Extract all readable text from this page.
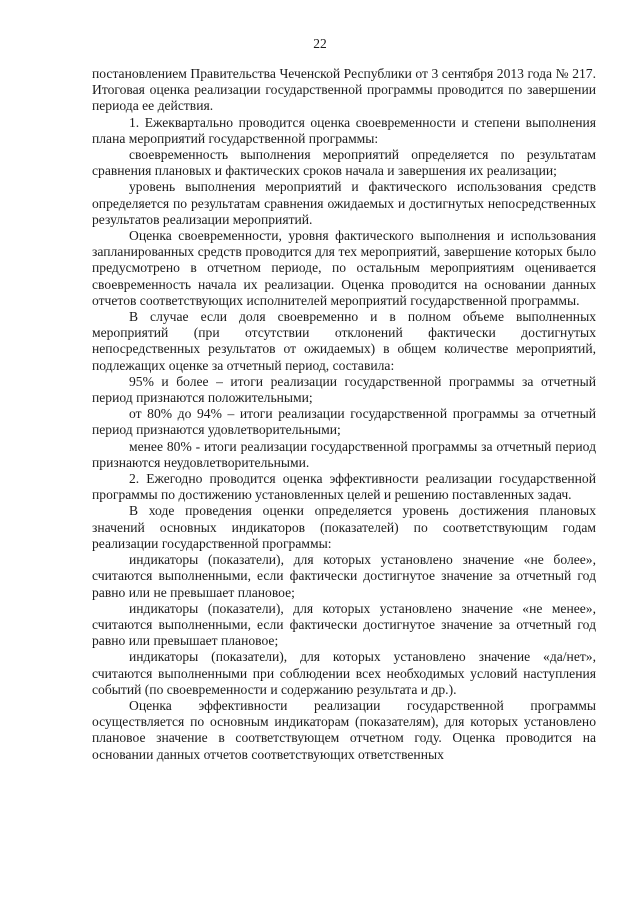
22

постановлением Правительства Чеченской Республики от 3 сентября 2013 года № 217. Итоговая оценка реализации государственной программы проводится по завершении периода ее действия.

1. Ежеквартально проводится оценка своевременности и степени выполнения плана мероприятий государственной программы:

своевременность выполнения мероприятий определяется по результатам сравнения плановых и фактических сроков начала и завершения их реализации;

уровень выполнения мероприятий и фактического использования средств определяется по результатам сравнения ожидаемых и достигнутых непосредственных результатов реализации мероприятий.

Оценка своевременности, уровня фактического выполнения и использования запланированных средств проводится для тех мероприятий, завершение которых было предусмотрено в отчетном периоде, по остальным мероприятиям оценивается своевременность начала их реализации. Оценка проводится на основании данных отчетов соответствующих исполнителей мероприятий государственной программы.

В случае если доля своевременно и в полном объеме выполненных мероприятий (при отсутствии отклонений фактически достигнутых непосредственных результатов от ожидаемых) в общем количестве мероприятий, подлежащих оценке за отчетный период, составила:

95% и более – итоги реализации государственной программы за отчетный период признаются положительными;

от 80% до 94% – итоги реализации государственной программы за отчетный период признаются удовлетворительными;

менее 80% - итоги реализации государственной программы за отчетный период признаются неудовлетворительными.

2. Ежегодно проводится оценка эффективности реализации государственной программы по достижению установленных целей и решению поставленных задач.

В ходе проведения оценки определяется уровень достижения плановых значений основных индикаторов (показателей) по соответствующим годам реализации государственной программы:

индикаторы (показатели), для которых установлено значение «не более», считаются выполненными, если фактически достигнутое значение за отчетный год равно или не превышает плановое;

индикаторы (показатели), для которых установлено значение «не менее», считаются выполненными, если фактически достигнутое значение за отчетный год равно или превышает плановое;

индикаторы (показатели), для которых установлено значение «да/нет», считаются выполненными при соблюдении всех необходимых условий наступления событий (по своевременности и содержанию результата и др.).

Оценка эффективности реализации государственной программы осуществляется по основным индикаторам (показателям), для которых установлено плановое значение в соответствующем отчетном году. Оценка проводится на основании данных отчетов соответствующих ответственных
